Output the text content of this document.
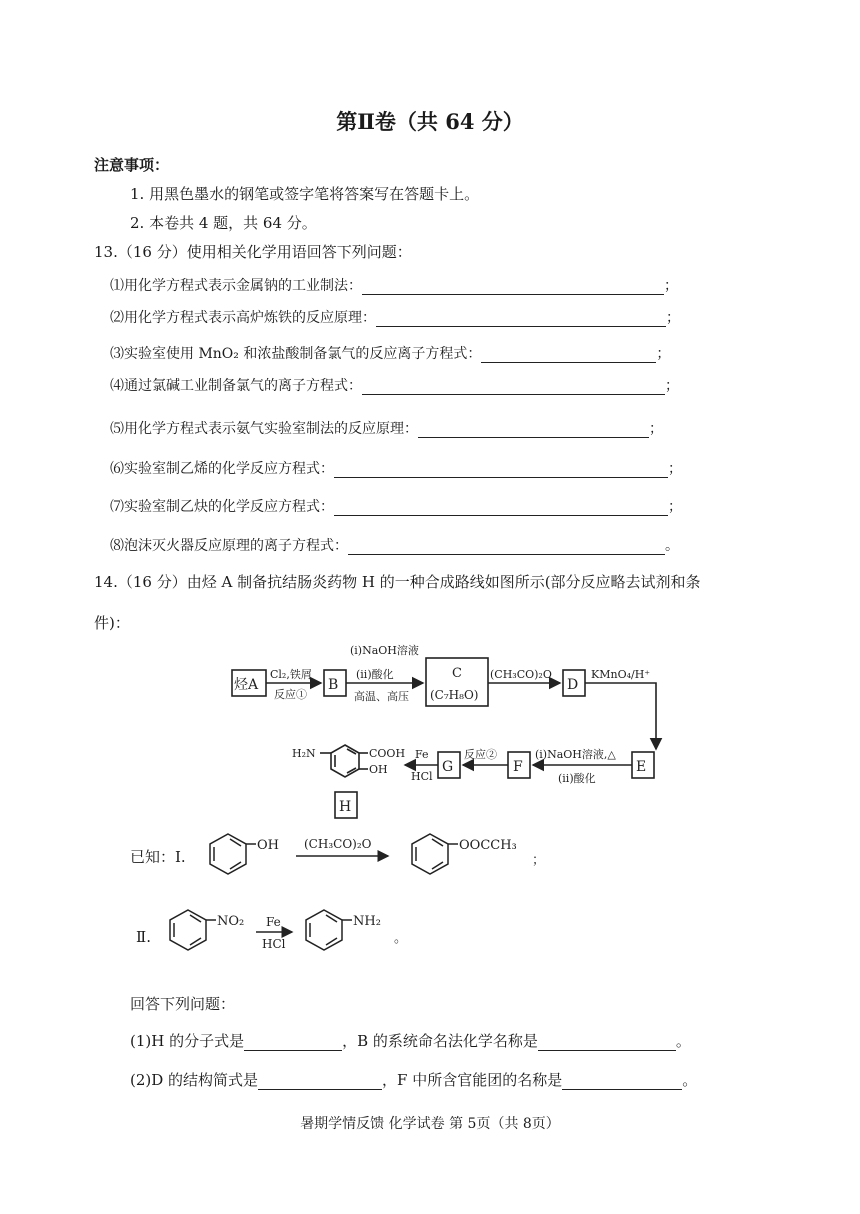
第Ⅱ卷（共 64 分）
注意事项：
1. 用黑色墨水的钢笔或签字笔将答案写在答题卡上。
2. 本卷共 4 题，共 64 分。
13.（16 分）使用相关化学用语回答下列问题：
⑴用化学方程式表示金属钠的工业制法：	；
⑵用化学方程式表示高炉炼铁的反应原理：	；
⑶实验室使用 MnO₂ 和浓盐酸制备氯气的反应离子方程式：	；
⑷通过氯碱工业制备氯气的离子方程式：	；
⑸用化学方程式表示氨气实验室制法的反应原理：	；
⑹实验室制乙烯的化学反应方程式：	；
⑺实验室制乙炔的化学反应方程式：	；
⑻泡沫灭火器反应原理的离子方程式：	。
14.（16 分）由烃 A 制备抗结肠炎药物 H 的一种合成路线如图所示(部分反应略去试剂和条
件)：
烃A	B
C
(C₇H₈O)
D
E
F
G
H
Cl₂,铁屑
反应①
(i)NaOH溶液
(ii)酸化
高温、高压
(CH₃CO)₂O	KMnO₄/H⁺
(i)NaOH溶液,△
(ii)酸化
反应②
Fe
HCl
H₂N	COOH
OH
已知：Ⅰ.
OH (CH₃CO)₂O	OOCCH₃
；
Ⅱ.
NO₂ Fe
HCl
NH₂
。
回答下列问题：
(1)H 的分子式是	，B 的系统命名法化学名称是	。
(2)D 的结构简式是	，F 中所含官能团的名称是	。
暑期学情反馈 化学试卷 第 5页（共 8页）
